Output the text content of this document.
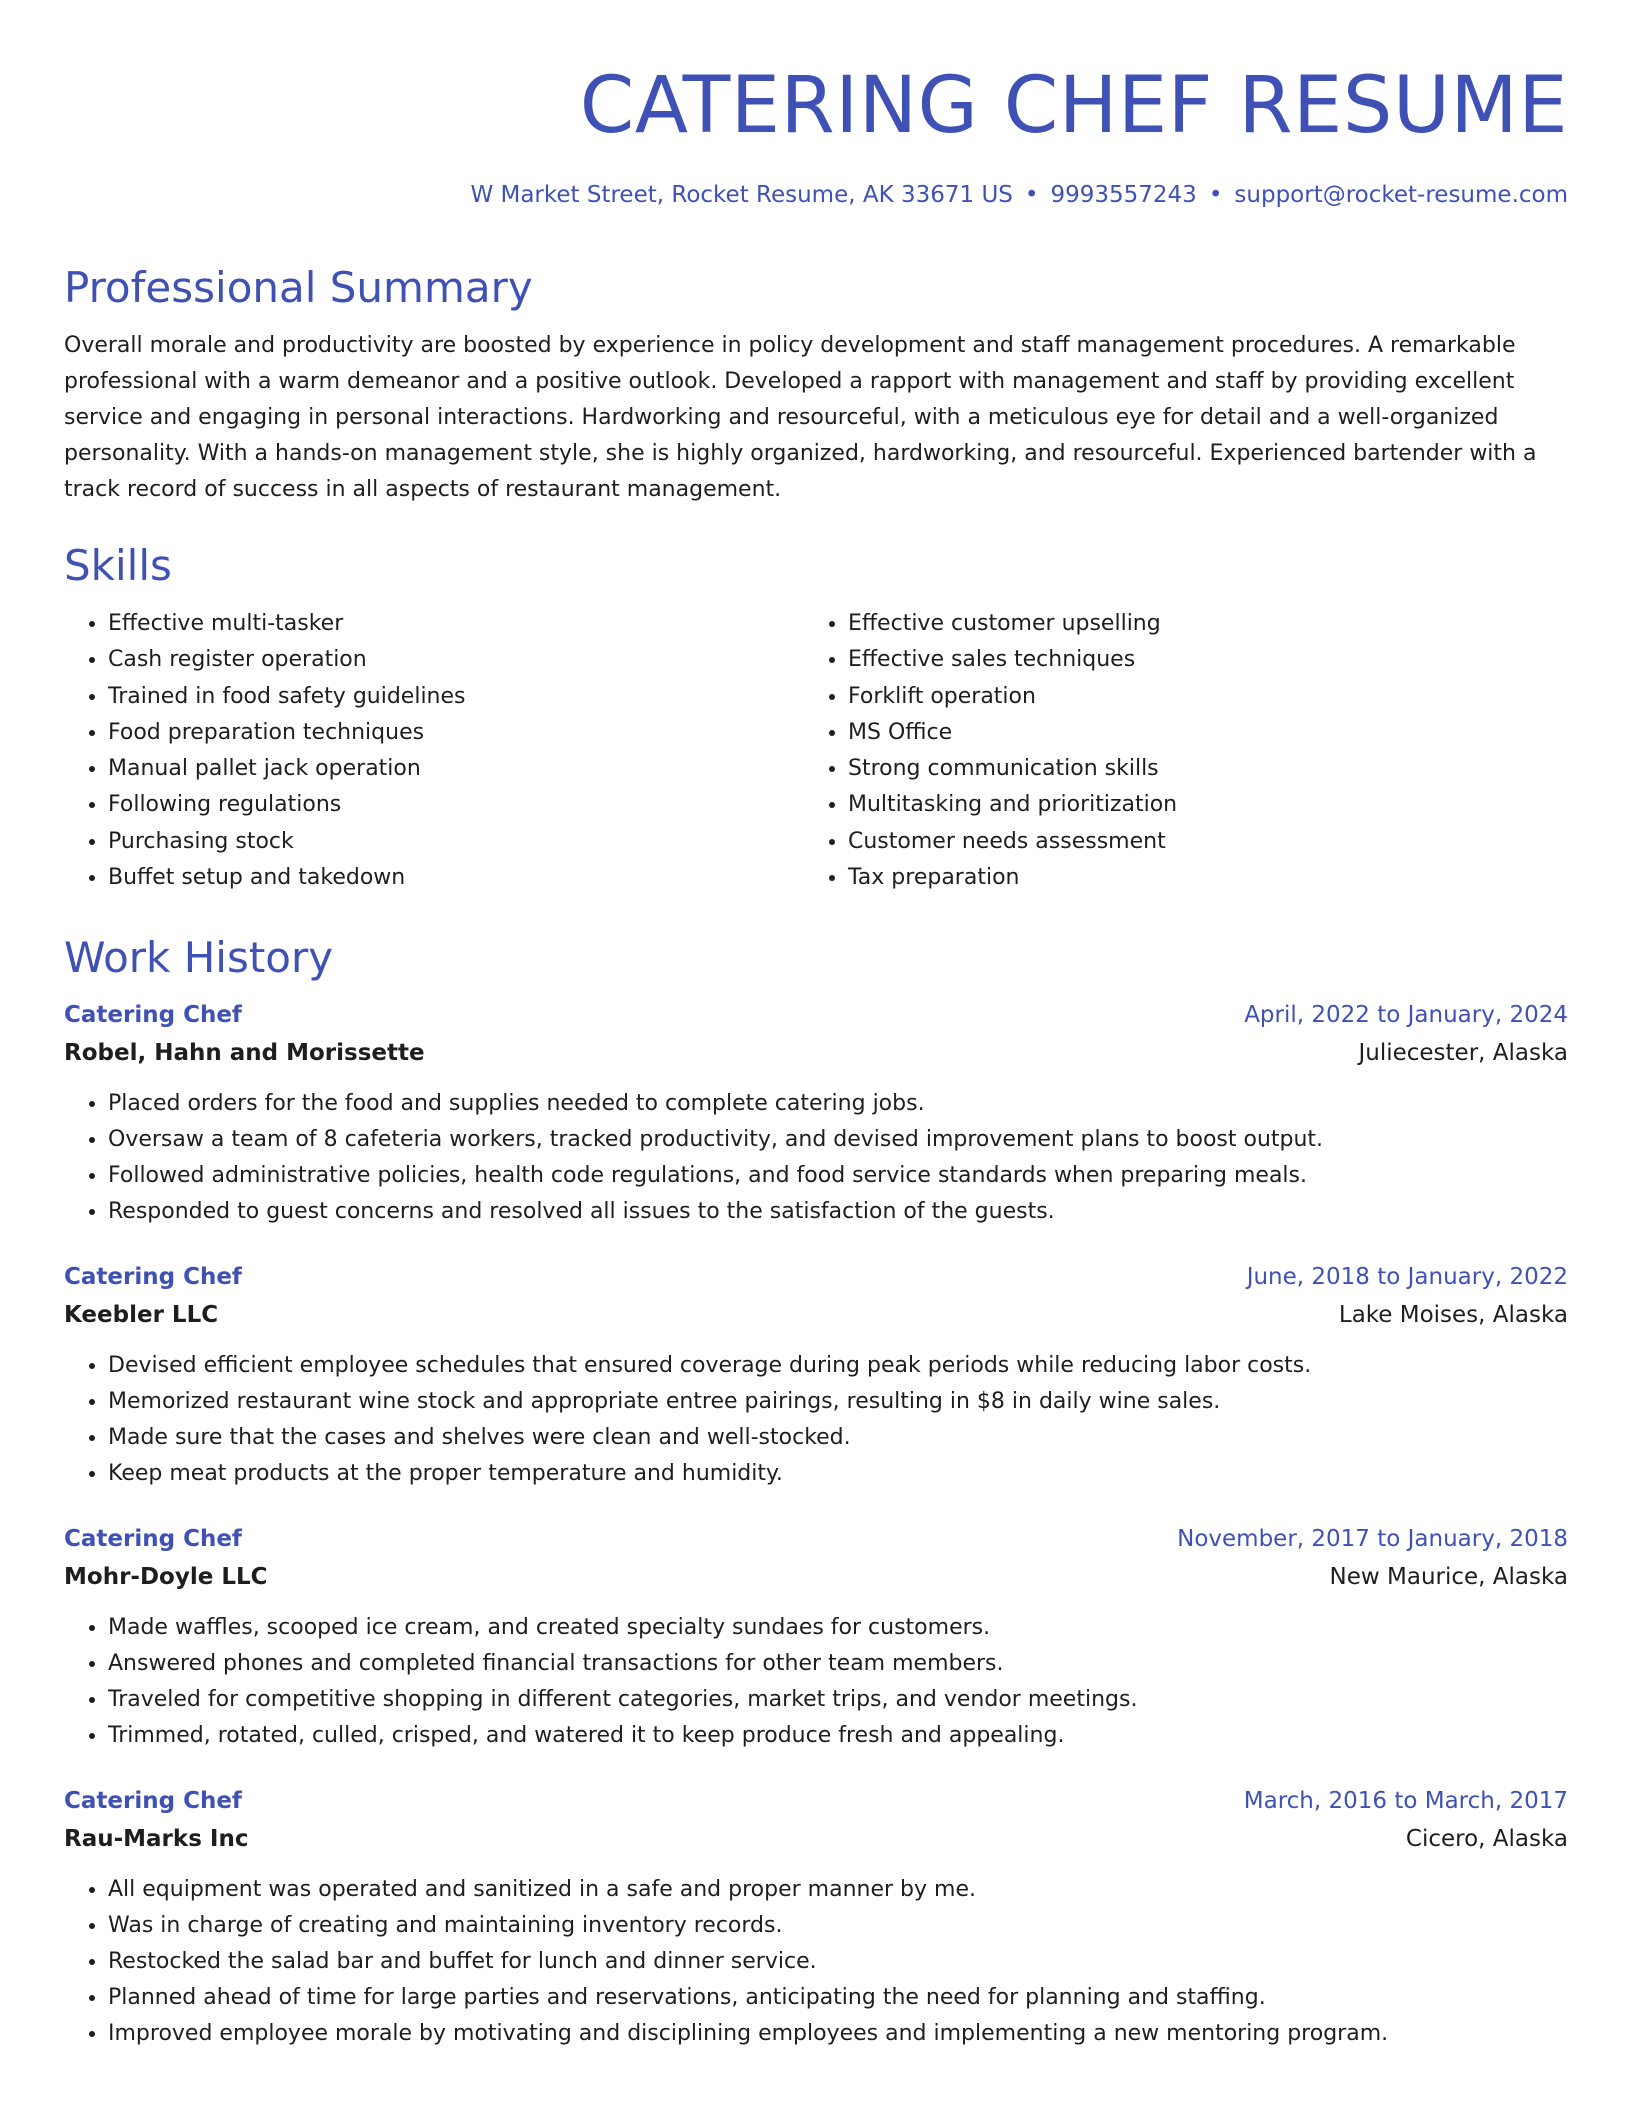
CATERING CHEF RESUME
W Market Street, Rocket Resume, AK 33671 US • 9993557243 • support@rocket-resume.com
Professional Summary

Overall morale and productivity are boosted by experience in policy development and staff management procedures. A remarkable professional with a warm demeanor and a positive outlook. Developed a rapport with management and staff by providing excellent service and engaging in personal interactions. Hardworking and resourceful, with a meticulous eye for detail and a well-organized personality. With a hands-on management style, she is highly organized, hardworking, and resourceful. Experienced bartender with a track record of success in all aspects of restaurant management.

Skills
• Effective multi-tasker
• Cash register operation
• Trained in food safety guidelines
• Food preparation techniques
• Manual pallet jack operation
• Following regulations
• Purchasing stock
• Buffet setup and takedown
• Effective customer upselling
• Effective sales techniques
• Forklift operation
• MS Office
• Strong communication skills
• Multitasking and prioritization
• Customer needs assessment
• Tax preparation
Work History
Catering Chef	April, 2022 to January, 2024
Robel, Hahn and Morissette	Juliecester, Alaska
• Placed orders for the food and supplies needed to complete catering jobs.
• Oversaw a team of 8 cafeteria workers, tracked productivity, and devised improvement plans to boost output.
• Followed administrative policies, health code regulations, and food service standards when preparing meals.
• Responded to guest concerns and resolved all issues to the satisfaction of the guests.
Catering Chef	June, 2018 to January, 2022
Keebler LLC	Lake Moises, Alaska
• Devised efficient employee schedules that ensured coverage during peak periods while reducing labor costs.
• Memorized restaurant wine stock and appropriate entree pairings, resulting in $8 in daily wine sales.
• Made sure that the cases and shelves were clean and well-stocked.
• Keep meat products at the proper temperature and humidity.
Catering Chef	November, 2017 to January, 2018
Mohr-Doyle LLC	New Maurice, Alaska
• Made waffles, scooped ice cream, and created specialty sundaes for customers.
• Answered phones and completed financial transactions for other team members.
• Traveled for competitive shopping in different categories, market trips, and vendor meetings.
• Trimmed, rotated, culled, crisped, and watered it to keep produce fresh and appealing.
Catering Chef	March, 2016 to March, 2017
Rau-Marks Inc	Cicero, Alaska
• All equipment was operated and sanitized in a safe and proper manner by me.
• Was in charge of creating and maintaining inventory records.
• Restocked the salad bar and buffet for lunch and dinner service.
• Planned ahead of time for large parties and reservations, anticipating the need for planning and staffing.
• Improved employee morale by motivating and disciplining employees and implementing a new mentoring program.
